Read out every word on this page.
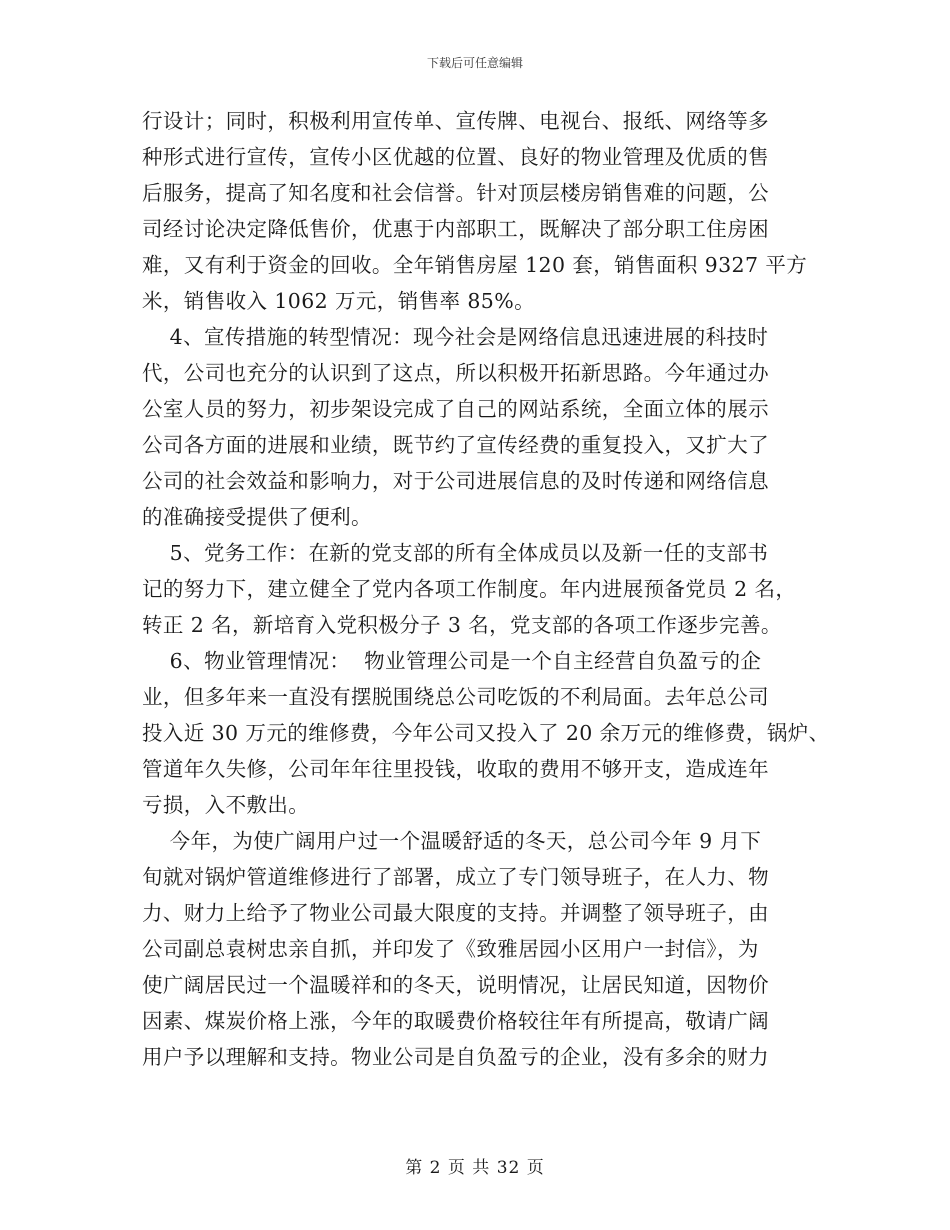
下载后可任意编辑
行设计；同时，积极利用宣传单、宣传牌、电视台、报纸、网络等多
种形式进行宣传，宣传小区优越的位置、良好的物业管理及优质的售
后服务，提高了知名度和社会信誉。针对顶层楼房销售难的问题，公
司经讨论决定降低售价，优惠于内部职工，既解决了部分职工住房困
难，又有利于资金的回收。全年销售房屋 120 套，销售面积 9327 平方
米，销售收入 1062 万元，销售率 85%。
4、宣传措施的转型情况：现今社会是网络信息迅速进展的科技时
代，公司也充分的认识到了这点，所以积极开拓新思路。今年通过办
公室人员的努力，初步架设完成了自己的网站系统，全面立体的展示
公司各方面的进展和业绩，既节约了宣传经费的重复投入，又扩大了
公司的社会效益和影响力，对于公司进展信息的及时传递和网络信息
的准确接受提供了便利。
5、党务工作：在新的党支部的所有全体成员以及新一任的支部书
记的努力下，建立健全了党内各项工作制度。年内进展预备党员 2 名，
转正 2 名，新培育入党积极分子 3 名，党支部的各项工作逐步完善。
6、物业管理情况：  物业管理公司是一个自主经营自负盈亏的企
业，但多年来一直没有摆脱围绕总公司吃饭的不利局面。去年总公司
投入近 30 万元的维修费，今年公司又投入了 20 余万元的维修费，锅炉、
管道年久失修，公司年年往里投钱，收取的费用不够开支，造成连年
亏损，入不敷出。
今年，为使广阔用户过一个温暖舒适的冬天，总公司今年 9 月下
旬就对锅炉管道维修进行了部署，成立了专门领导班子，在人力、物
力、财力上给予了物业公司最大限度的支持。并调整了领导班子，由
公司副总袁树忠亲自抓，并印发了《致雅居园小区用户一封信》，为
使广阔居民过一个温暖祥和的冬天，说明情况，让居民知道，因物价
因素、煤炭价格上涨，今年的取暖费价格较往年有所提高，敬请广阔
用户予以理解和支持。物业公司是自负盈亏的企业，没有多余的财力
第 2 页 共 32 页
